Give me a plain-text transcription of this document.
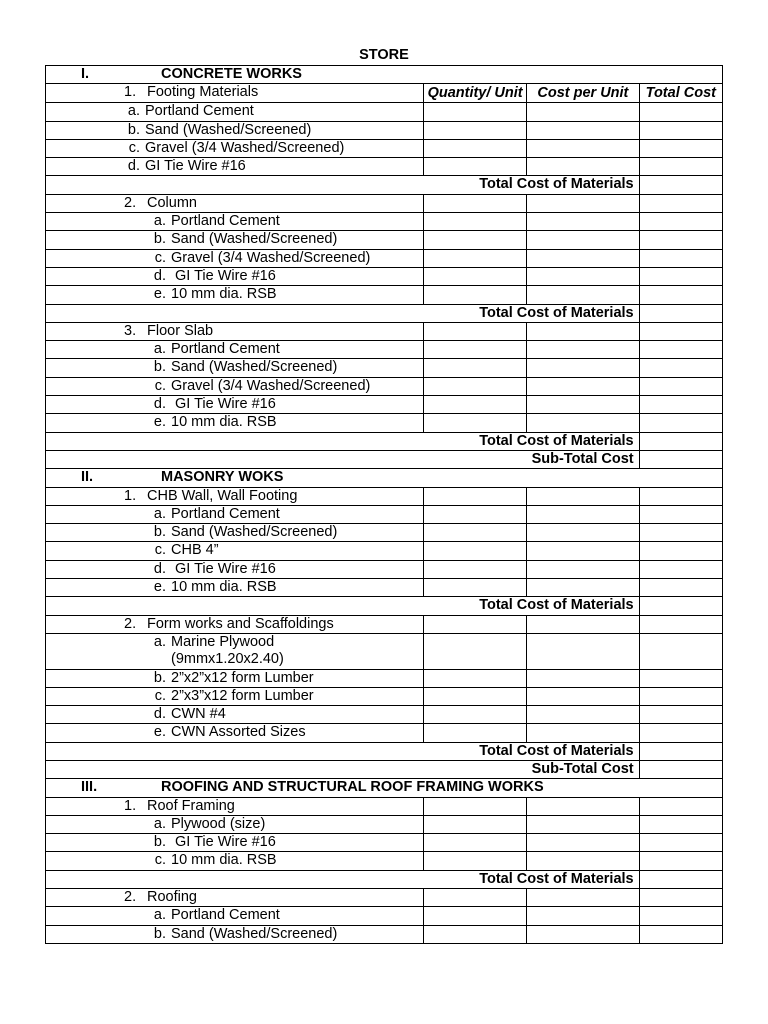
STORE
I. CONCRETE WORKS			
1. Footing Materials	Quantity/ Unit	Cost per Unit	Total Cost
a. Portland Cement			
b. Sand (Washed/Screened)			
c. Gravel (3/4 Washed/Screened)			
d. GI Tie Wire #16			
Total Cost of Materials			
2. Column			
a. Portland Cement			
b. Sand (Washed/Screened)			
c. Gravel (3/4 Washed/Screened)			
d. GI Tie Wire #16			
e. 10 mm dia. RSB			
Total Cost of Materials			
3. Floor Slab			
a. Portland Cement			
b. Sand (Washed/Screened)			
c. Gravel (3/4 Washed/Screened)			
d. GI Tie Wire #16			
e. 10 mm dia. RSB			
Total Cost of Materials			
Sub-Total Cost			
II. MASONRY WOKS			
1. CHB Wall, Wall Footing			
a. Portland Cement			
b. Sand (Washed/Screened)			
c. CHB 4”			
d. GI Tie Wire #16			
e. 10 mm dia. RSB			
Total Cost of Materials			
2. Form works and Scaffoldings			
a. Marine Plywood
(9mmx1.20x2.40)			

b. 2”x2”x12 form Lumber			
c. 2”x3”x12 form Lumber			
d. CWN #4			
e. CWN Assorted Sizes			
Total Cost of Materials			
Sub-Total Cost			
III. ROOFING AND STRUCTURAL ROOF FRAMING WORKS			
1. Roof Framing			
a. Plywood (size)			
b. GI Tie Wire #16			
c. 10 mm dia. RSB			
Total Cost of Materials			
2. Roofing			
a. Portland Cement			
b. Sand (Washed/Screened)			
